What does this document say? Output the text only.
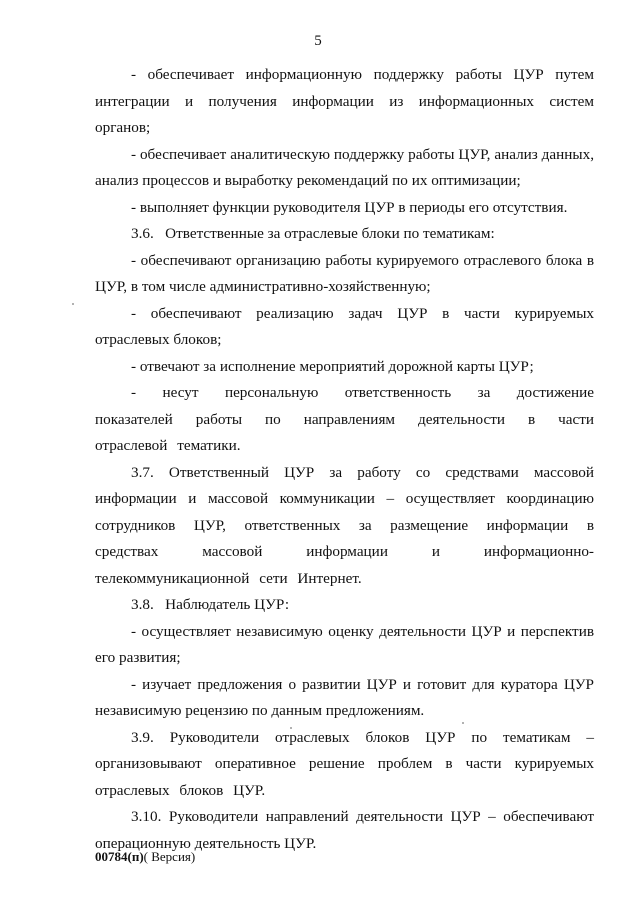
5

- обеспечивает информационную поддержку работы ЦУР путем интеграции и получения информации из информационных систем органов;

- обеспечивает аналитическую поддержку работы ЦУР, анализ данных, анализ процессов и выработку рекомендаций по их оптимизации;

- выполняет функции руководителя ЦУР в периоды его отсутствия.

3.6.   Ответственные за отраслевые блоки по тематикам:

- обеспечивают организацию работы курируемого отраслевого блока в ЦУР, в том числе административно-хозяйственную;

- обеспечивают реализацию задач ЦУР в части курируемых отраслевых блоков;

- отвечают за исполнение мероприятий дорожной карты ЦУР;

- несут персональную ответственность за достижение показателей работы по направлениям деятельности в части отраслевой тематики.

3.7. Ответственный ЦУР за работу со средствами массовой информации и массовой коммуникации – осуществляет координацию сотрудников ЦУР, ответственных за размещение информации в средствах массовой информации и информационно-телекоммуникационной сети Интернет.

3.8.   Наблюдатель ЦУР:

- осуществляет независимую оценку деятельности ЦУР и перспектив его развития;

- изучает предложения о развитии ЦУР и готовит для куратора ЦУР независимую рецензию по данным предложениям.

3.9. Руководители отраслевых блоков ЦУР по тематикам – организовывают оперативное решение проблем в части курируемых отраслевых блоков ЦУР.

3.10. Руководители направлений деятельности ЦУР – обеспечивают операционную деятельность ЦУР.

00784(п)( Версия)
